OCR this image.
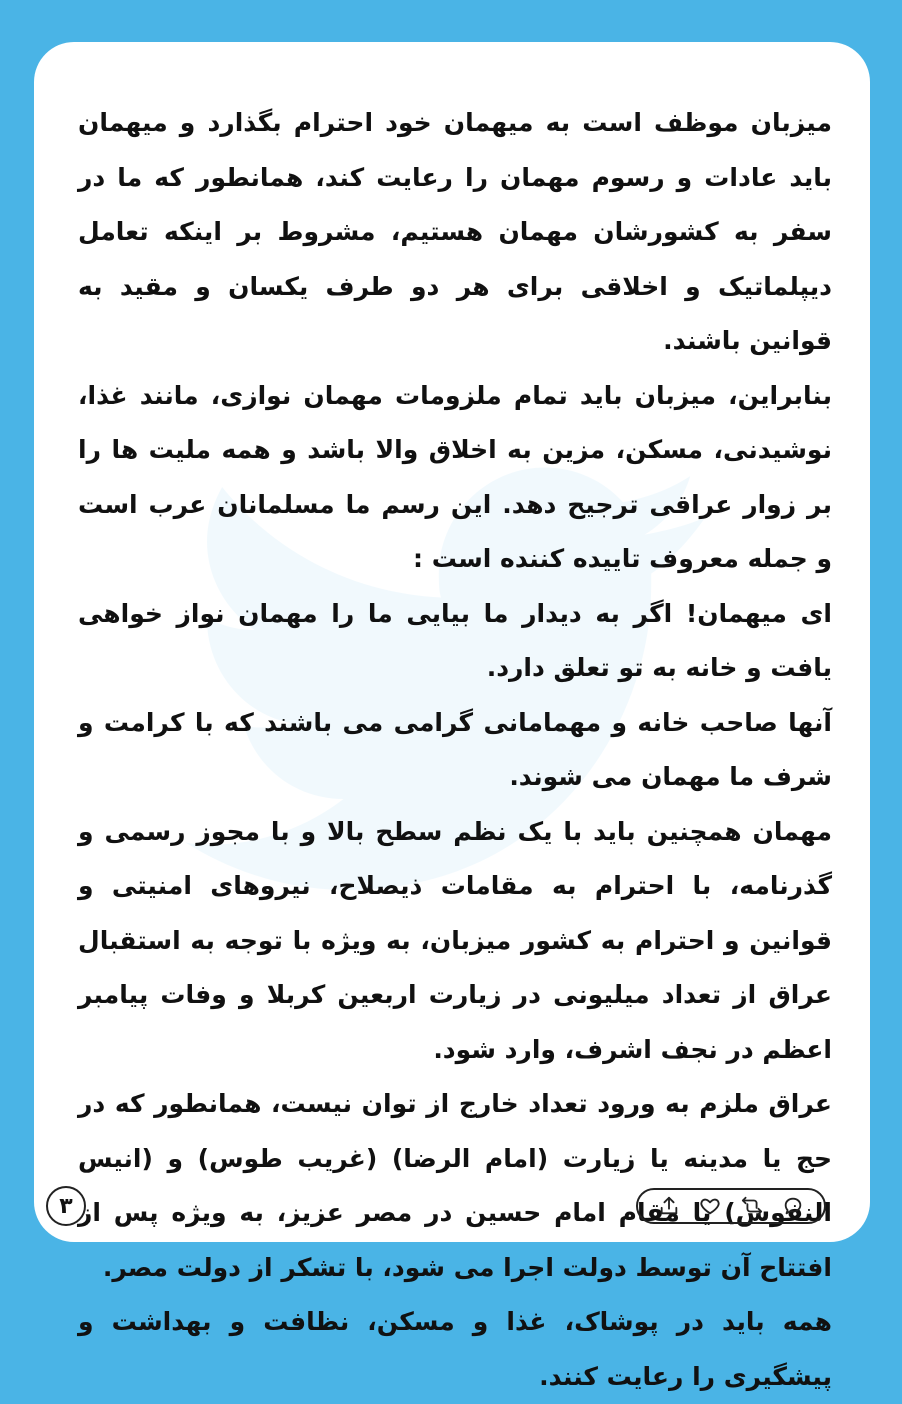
میزبان موظف است به میهمان خود احترام بگذارد و میهمان باید عادات و رسوم مهمان را رعایت کند، همانطور که ما در سفر به کشورشان مهمان هستیم، مشروط بر اینکه تعامل دیپلماتیک و اخلاقی برای هر دو طرف یکسان و مقید به قوانین باشند.

بنابراین، میزبان باید تمام ملزومات مهمان نوازی، مانند غذا، نوشیدنی، مسکن، مزین به اخلاق والا باشد و همه ملیت ها را بر زوار عراقی ترجیح دهد. این رسم ما مسلمانان عرب است و جمله معروف تاییده کننده است :

ای میهمان! اگر به دیدار ما بیایی ما را مهمان نواز خواهی یافت و خانه به تو تعلق دارد.

آنها صاحب خانه و مهمامانی گرامی می باشند که با کرامت و شرف ما مهمان می شوند.

مهمان همچنین باید با یک نظم سطح بالا و با مجوز رسمی و گذرنامه، با احترام به مقامات ذیصلاح، نیروهای امنیتی و قوانین و احترام به کشور میزبان، به ویژه با توجه به استقبال عراق از تعداد میلیونی در زیارت اربعین کربلا و وفات پیامبر اعظم در نجف اشرف، وارد شود.

عراق ملزم به ورود تعداد خارج از توان نیست، همانطور که در حج یا مدینه یا زیارت (امام الرضا) (غریب طوس) و (انیس النفوس) یا مقام امام حسین در مصر عزیز، به ویژه پس از افتتاح آن توسط دولت اجرا می شود، با تشکر از دولت مصر.

همه باید در پوشاک، غذا و مسکن، نظافت و بهداشت و پیشگیری را رعایت کنند.

۳
